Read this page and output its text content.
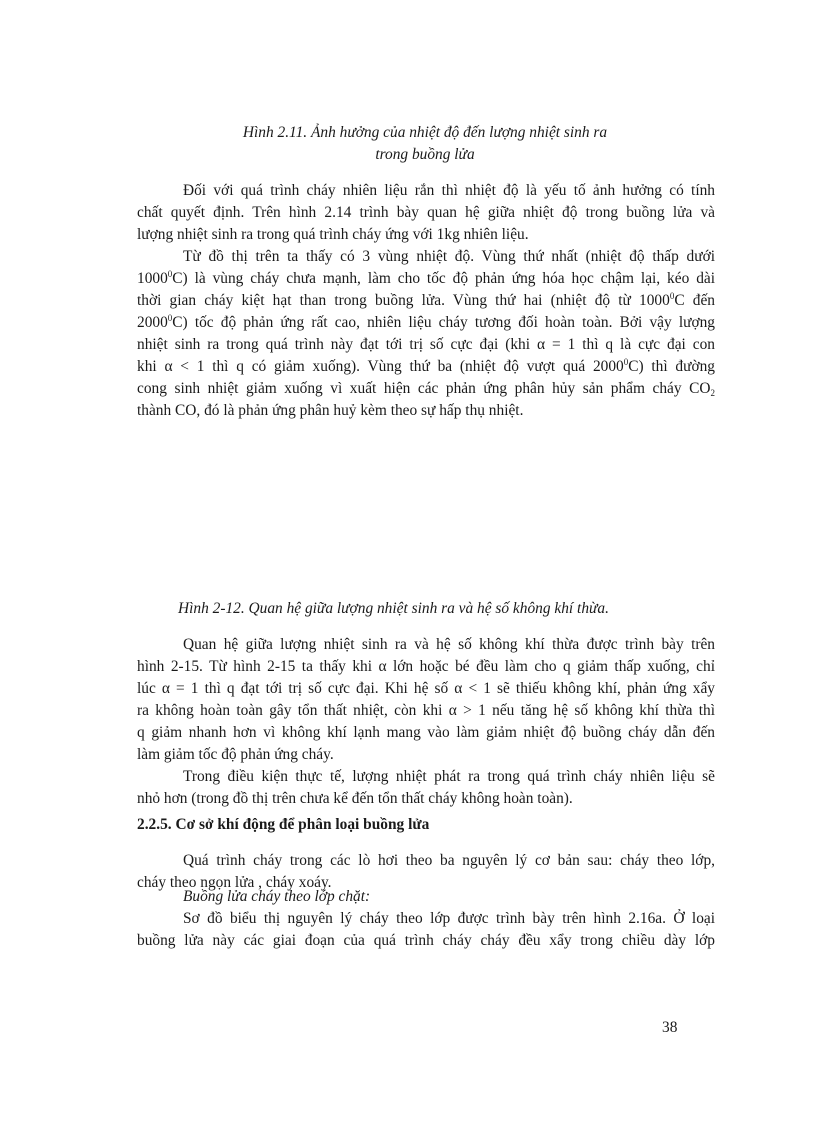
Hình 2.11. Ảnh hưởng của nhiệt độ đến lượng nhiệt sinh ra
trong buồng lửa
Đối với quá trình cháy nhiên liệu rắn thì nhiệt độ là yếu tố ảnh hưởng có tính
chất quyết định. Trên hình 2.14 trình bày quan hệ giữa nhiệt độ trong buồng lửa và
lượng nhiệt sinh ra trong quá trình cháy ứng với 1kg nhiên liệu.
Từ đồ thị trên ta thấy có 3 vùng nhiệt độ. Vùng thứ nhất (nhiệt độ thấp dưới
1000$^0$C) là vùng cháy chưa mạnh, làm cho tốc độ phản ứng hóa học chậm lại, kéo dài
thời gian cháy kiệt hạt than trong buồng lửa. Vùng thứ hai (nhiệt độ từ 1000$^0$C đến
2000$^0$C) tốc độ phản ứng rất cao, nhiên liệu cháy tương đối hoàn toàn. Bởi vậy lượng
nhiệt sinh ra trong quá trình này đạt tới trị số cực đại (khi α = 1 thì q là cực đại con
khi α < 1 thì q có giảm xuống). Vùng thứ ba (nhiệt độ vượt quá 2000$^0$C) thì đường
cong sinh nhiệt giảm xuống vì xuất hiện các phản ứng phân hủy sản phẩm cháy $CO_2$
thành CO, đó là phản ứng phân huỷ kèm theo sự hấp thụ nhiệt.
Hình 2-12. Quan hệ giữa lượng nhiệt sinh ra và hệ số không khí thừa.
Quan hệ giữa lượng nhiệt sinh ra và hệ số không khí thừa được trình bày trên
hình 2-15. Từ hình 2-15 ta thấy khi α lớn hoặc bé đều làm cho q giảm thấp xuống, chỉ
lúc α = 1 thì q đạt tới trị số cực đại. Khi hệ số α < 1 sẽ thiếu không khí, phản ứng xẩy
ra không hoàn toàn gây tổn thất nhiệt, còn khi α > 1 nếu tăng hệ số không khí thừa thì
q giảm nhanh hơn vì không khí lạnh mang vào làm giảm nhiệt độ buồng cháy dẫn đến
làm giảm tốc độ phản ứng cháy.
Trong điều kiện thực tế, lượng nhiệt phát ra trong quá trình cháy nhiên liệu sẽ
nhỏ hơn (trong đồ thị trên chưa kể đến tổn thất cháy không hoàn toàn).

2.2.5. Cơ sở khí động để phân loại buồng lửa

Quá trình cháy trong các lò hơi theo ba nguyên lý cơ bản sau: cháy theo lớp,
cháy theo ngọn lửa , cháy xoáy.

Buồng lửa cháy theo lớp chặt:

Sơ đồ biểu thị nguyên lý cháy theo lớp được trình bày trên hình 2.16a. Ở loại
buồng lửa này các giai đoạn của quá trình cháy cháy đều xẩy trong chiều dày lớp
38
